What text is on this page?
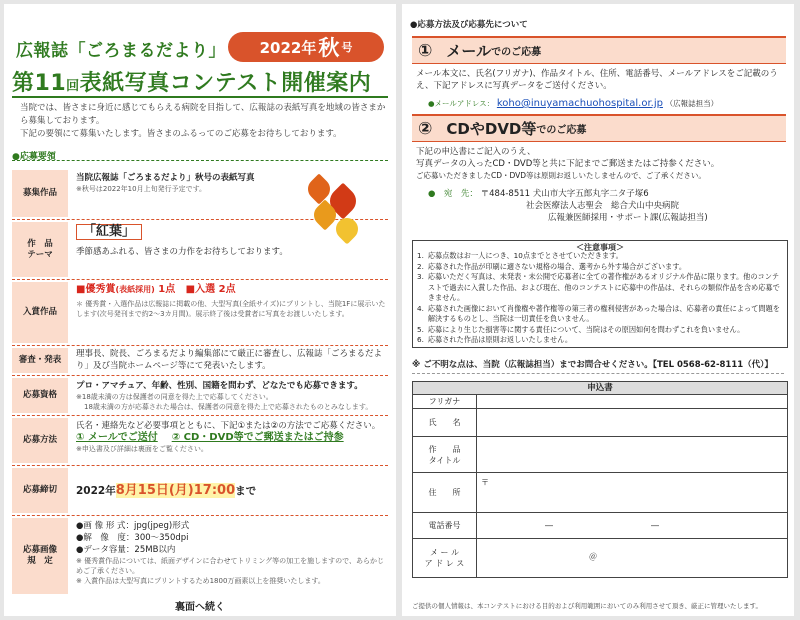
広報誌「ごろまるだより」 2022年 秋 号
第11回表紙写真コンテスト開催案内
当院では、皆さまに身近に感じてもらえる病院を目指して、広報誌の表紙写真を地域の皆さまから募集しております。
下記の要領にて募集いたします。皆さまのふるってのご応募をお待ちしております。
●応募要領
募集作品
当院広報誌「ごろまるだより」秋号の表紙写真
※秋号は2022年10月上旬発行予定です。
作　品
テーマ
「紅葉」
季節感あふれる、皆さまの力作をお待ちしております。
入賞作品
■優秀賞(表紙採用) 1点 ■入選 2点
＊ 優秀賞・入選作品は広報誌に掲載の他、大型写真(全紙サイズ)にプリントし、当院1Fに展示いたします(次号発刊まで約2～3カ月間)。展示終了後は受賞者に写真をお渡しいたします。
審査・発表
理事長、院長、ごろまるだより編集部にて厳正に審査し、広報誌「ごろまるだより」及び当院ホームページ等にて発表いたします。
応募資格
プロ・アマチュア、年齢、性別、国籍を問わず、どなたでも応募できます。
※18歳未満の方は保護者の同意を得た上で応募してください。
18歳未満の方が応募された場合は、保護者の同意を得た上で応募されたものとみなします。
応募方法
氏名・連絡先など必要事項とともに、下記①または②の方法でご応募ください。
① メールでご送付 ② CD・DVD等でご郵送またはご持参
※申込書及び詳細は裏面をご覧ください。
応募締切	2022年8月15日(月)17:00まで
応募画像
規　定
●画 像 形 式：jpg(jpeg)形式
●解　像　度：300～350dpi
●データ容量：25MB以内
※ 優秀賞作品については、紙面デザインに合わせてトリミング等の加工を施しますので、あらかじめご了承ください。
※ 入賞作品は大型写真にプリントするため1800万画素以上を推奨いたします。
裏面へ続く
●応募方法及び応募先について
① メール でのご応募
メール本文に、氏名(フリガナ)、作品タイトル、住所、電話番号、メールアドレスをご記載のうえ、下記アドレスに写真データをご送付ください。
●メールアドレス： koho@inuyamachuohospital.or.jp （広報誌担当）
② CDやDVD等 でのご応募
下記の申込書にご記入のうえ、
写真データの入ったCD・DVD等と共に下記までご郵送またはご持参ください。
ご応募いただきましたCD・DVD等は原則お返しいたしませんので、ご了承ください。
●　宛　先： 〒484-8511 犬山市大字五郎丸字二タ子塚6
社会医療法人志聖会　総合犬山中央病院
広報兼医師採用・サポート課(広報誌担当)
＜注意事項＞
1. 応募点数はお一人につき、10点までとさせていただきます。
2. 応募された作品が印刷に適さない規格の場合、選考から外す場合がございます。
3. 応募いただく写真は、未発表・未公開で応募者に全ての著作権があるオリジナル作品に限ります。他のコンテストで過去に入賞した作品、および現在、他のコンテストに応募中の作品は、それらの類似作品を含め応募できません。
4. 応募された画像において肖像権や著作権等の第三者の権利侵害があった場合は、応募者の責任によって問題を解決するものとし、当院は一切責任を負いません。
5. 応募により生じた損害等に関する責任について、当院はその原因如何を問わずこれを負いません。
6. 応募された作品は原則お返しいたしません。
※ ご不明な点は、当院（広報誌担当）までお問合せください。【TEL 0568-62-8111（代）】
申込書
フリガナ
氏　　名
作　　品
タイトル
住　　所
〒
電話番号	―	―
メ ー ル
ア ド レ ス
＠
ご提供の個人情報は、本コンテストにおける目的および利用範囲においてのみ利用させて頂き、厳正に管理いたします。
